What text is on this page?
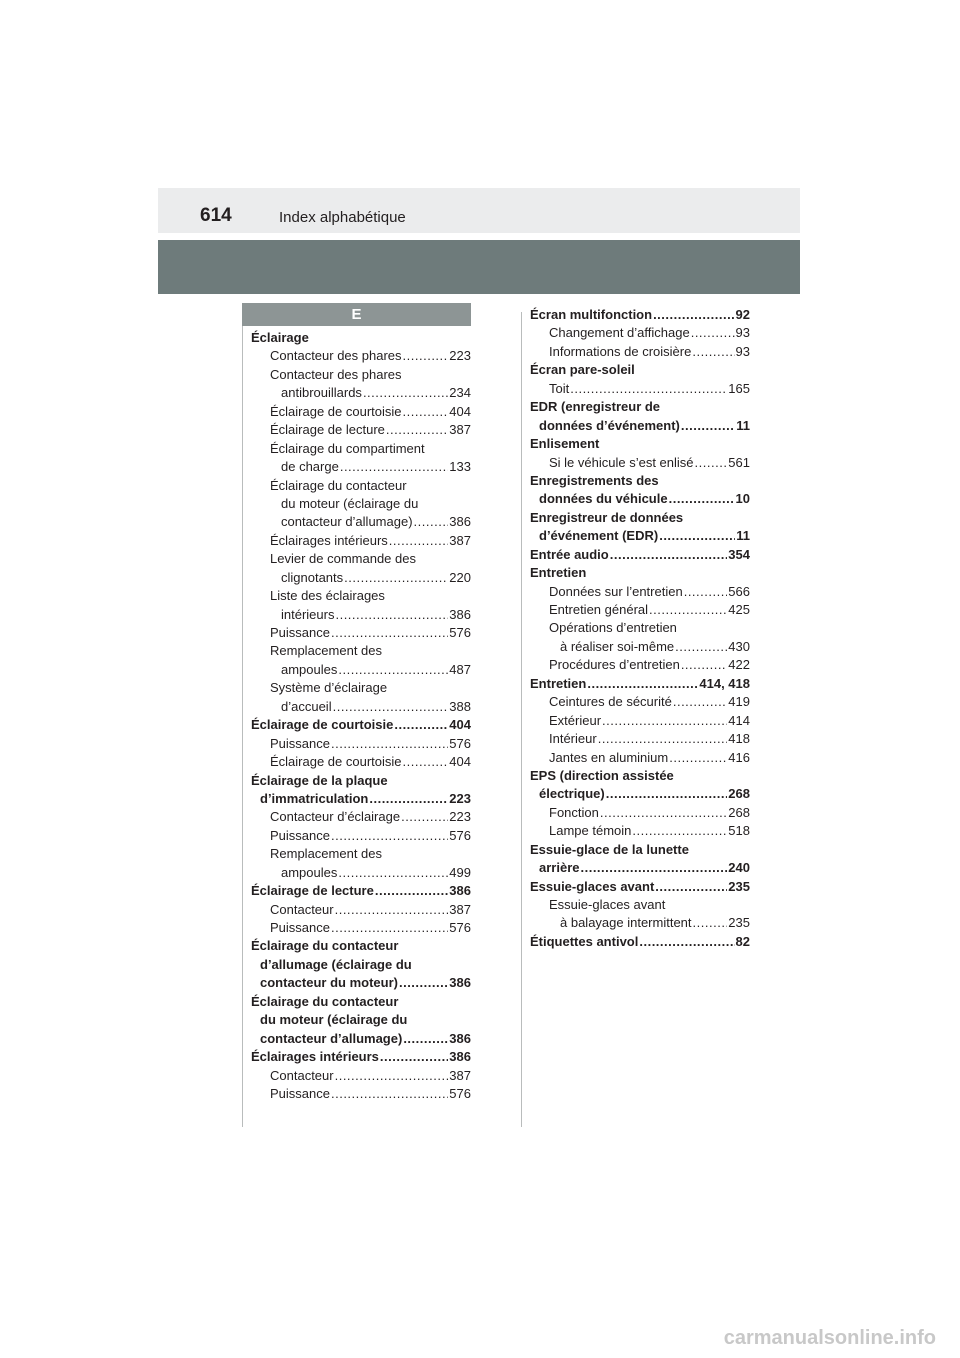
614	Index alphabétique
E
Éclairage
Contacteur des phares .....	223
Contacteur des phares
antibrouillards .....	234
Éclairage de courtoisie .....	404
Éclairage de lecture .....	387
Éclairage du compartiment
de charge .....	133
Éclairage du contacteur
du moteur (éclairage du
contacteur d’allumage) .....	386
Éclairages intérieurs .....	387
Levier de commande des
clignotants .....	220
Liste des éclairages
intérieurs .....	386
Puissance .....	576
Remplacement des
ampoules .....	487
Système d’éclairage
d’accueil .....	388
Éclairage de courtoisie .....	404
Puissance .....	576
Éclairage de courtoisie .....	404
Éclairage de la plaque
d’immatriculation .....	223
Contacteur d’éclairage .....	223
Puissance .....	576
Remplacement des
ampoules .....	499
Éclairage de lecture .....	386
Contacteur .....	387
Puissance .....	576
Éclairage du contacteur
d’allumage (éclairage du
contacteur du moteur) .....	386
Éclairage du contacteur
du moteur (éclairage du
contacteur d’allumage) .....	386
Éclairages intérieurs .....	386
Contacteur .....	387
Puissance .....	576
Écran multifonction .....	92
Changement d’affichage .....	93
Informations de croisière .....	93
Écran pare-soleil
Toit .....	165
EDR (enregistreur de
données d’événement) .....	11
Enlisement
Si le véhicule s’est enlisé .....	561
Enregistrements des
données du véhicule .....	10
Enregistreur de données
d’événement (EDR) .....	11
Entrée audio .....	354
Entretien
Données sur l’entretien .....	566
Entretien général .....	425
Opérations d’entretien
à réaliser soi-même .....	430
Procédures d’entretien .....	422
Entretien .....	414, 418
Ceintures de sécurité .....	419
Extérieur .....	414
Intérieur .....	418
Jantes en aluminium .....	416
EPS (direction assistée
électrique) .....	268
Fonction .....	268
Lampe témoin .....	518
Essuie-glace de la lunette
arrière .....	240
Essuie-glaces avant .....	235
Essuie-glaces avant
à balayage intermittent .....	235
Étiquettes antivol .....	82
carmanualsonline.info
